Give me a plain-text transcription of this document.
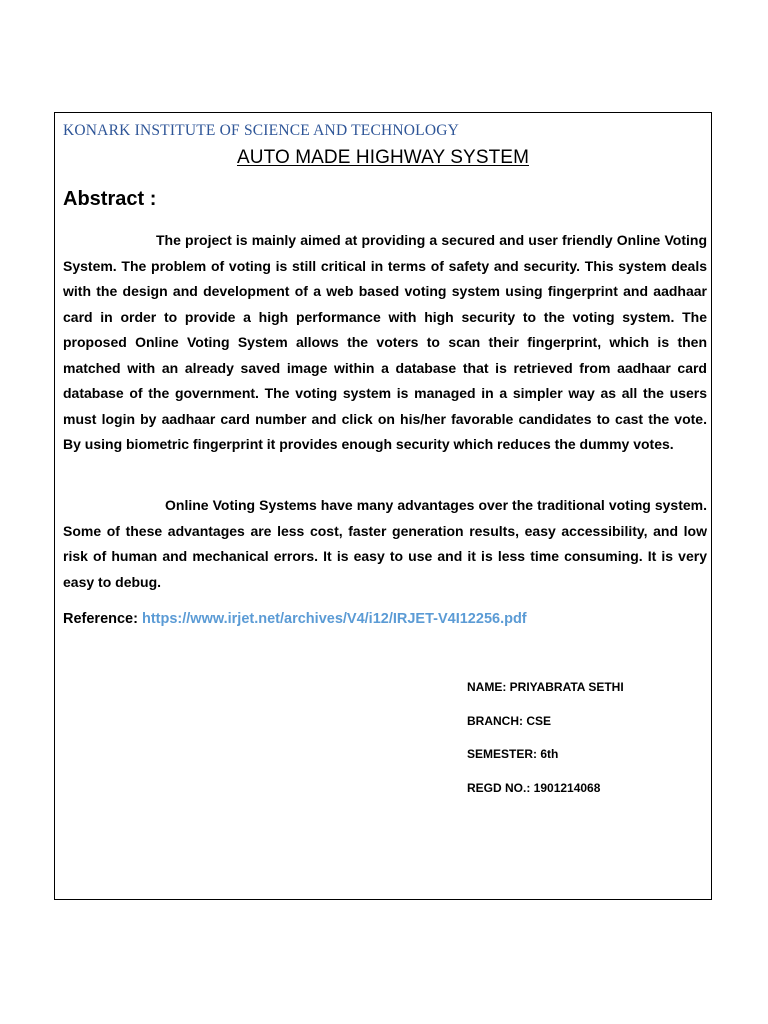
KONARK INSTITUTE OF SCIENCE AND TECHNOLOGY
AUTO MADE HIGHWAY SYSTEM
Abstract :

The project is mainly aimed at providing a secured and user friendly Online Voting System. The problem of voting is still critical in terms of safety and security. This system deals with the design and development of a web based voting system using fingerprint and aadhaar card in order to provide a high performance with high security to the voting system. The proposed Online Voting System allows the voters to scan their fingerprint, which is then matched with an already saved image within a database that is retrieved from aadhaar card database of the government. The voting system is managed in a simpler way as all the users must login by aadhaar card number and click on his/her favorable candidates to cast the vote. By using biometric fingerprint it provides enough security which reduces the dummy votes.

Online Voting Systems have many advantages over the traditional voting system. Some of these advantages are less cost, faster generation results, easy accessibility, and low risk of human and mechanical errors. It is easy to use and it is less time consuming. It is very easy to debug.

Reference: https://www.irjet.net/archives/V4/i12/IRJET-V4I12256.pdf
NAME: PRIYABRATA SETHI
BRANCH: CSE
SEMESTER: 6th
REGD NO.: 1901214068
